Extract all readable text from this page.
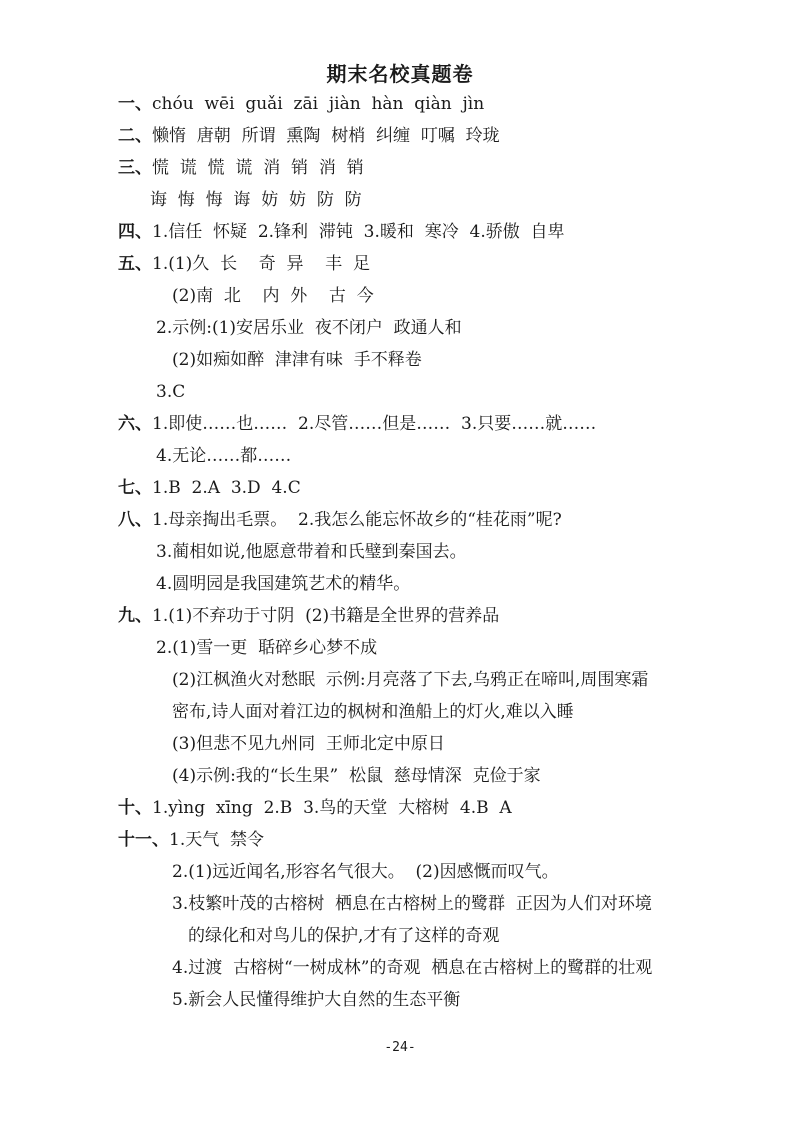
期末名校真题卷
一、chóu  wēi  guǎi  zāi  jiàn  hàn  qiàn  jìn
二、懒惰  唐朝  所谓  熏陶  树梢  纠缠  叮嘱  玲珑
三、慌  谎  慌  谎  消  销  消  销
诲  悔  悔  诲  妨  妨  防  防
四、1.信任  怀疑  2.锋利  滞钝  3.暖和  寒冷  4.骄傲  自卑
五、1.(1)久  长    奇  异    丰  足
(2)南  北    内  外    古  今
2.示例:(1)安居乐业  夜不闭户  政通人和
(2)如痴如醉  津津有味  手不释卷
3.C
六、1.即使……也……  2.尽管……但是……  3.只要……就……
4.无论……都……
七、1.B  2.A  3.D  4.C
八、1.母亲掏出毛票。  2.我怎么能忘怀故乡的“桂花雨”呢?
3.蔺相如说,他愿意带着和氏璧到秦国去。
4.圆明园是我国建筑艺术的精华。
九、1.(1)不弃功于寸阴  (2)书籍是全世界的营养品
2.(1)雪一更  聒碎乡心梦不成
(2)江枫渔火对愁眠  示例:月亮落了下去,乌鸦正在啼叫,周围寒霜
密布,诗人面对着江边的枫树和渔船上的灯火,难以入睡
(3)但悲不见九州同  王师北定中原日
(4)示例:我的“长生果”  松鼠  慈母情深  克俭于家
十、1.yìng  xīng  2.B  3.鸟的天堂  大榕树  4.B  A
十一、1.天气  禁令
2.(1)远近闻名,形容名气很大。  (2)因感慨而叹气。
3.枝繁叶茂的古榕树  栖息在古榕树上的鹭群  正因为人们对环境
的绿化和对鸟儿的保护,才有了这样的奇观
4.过渡  古榕树“一树成林”的奇观  栖息在古榕树上的鹭群的壮观
5.新会人民懂得维护大自然的生态平衡
-24-
